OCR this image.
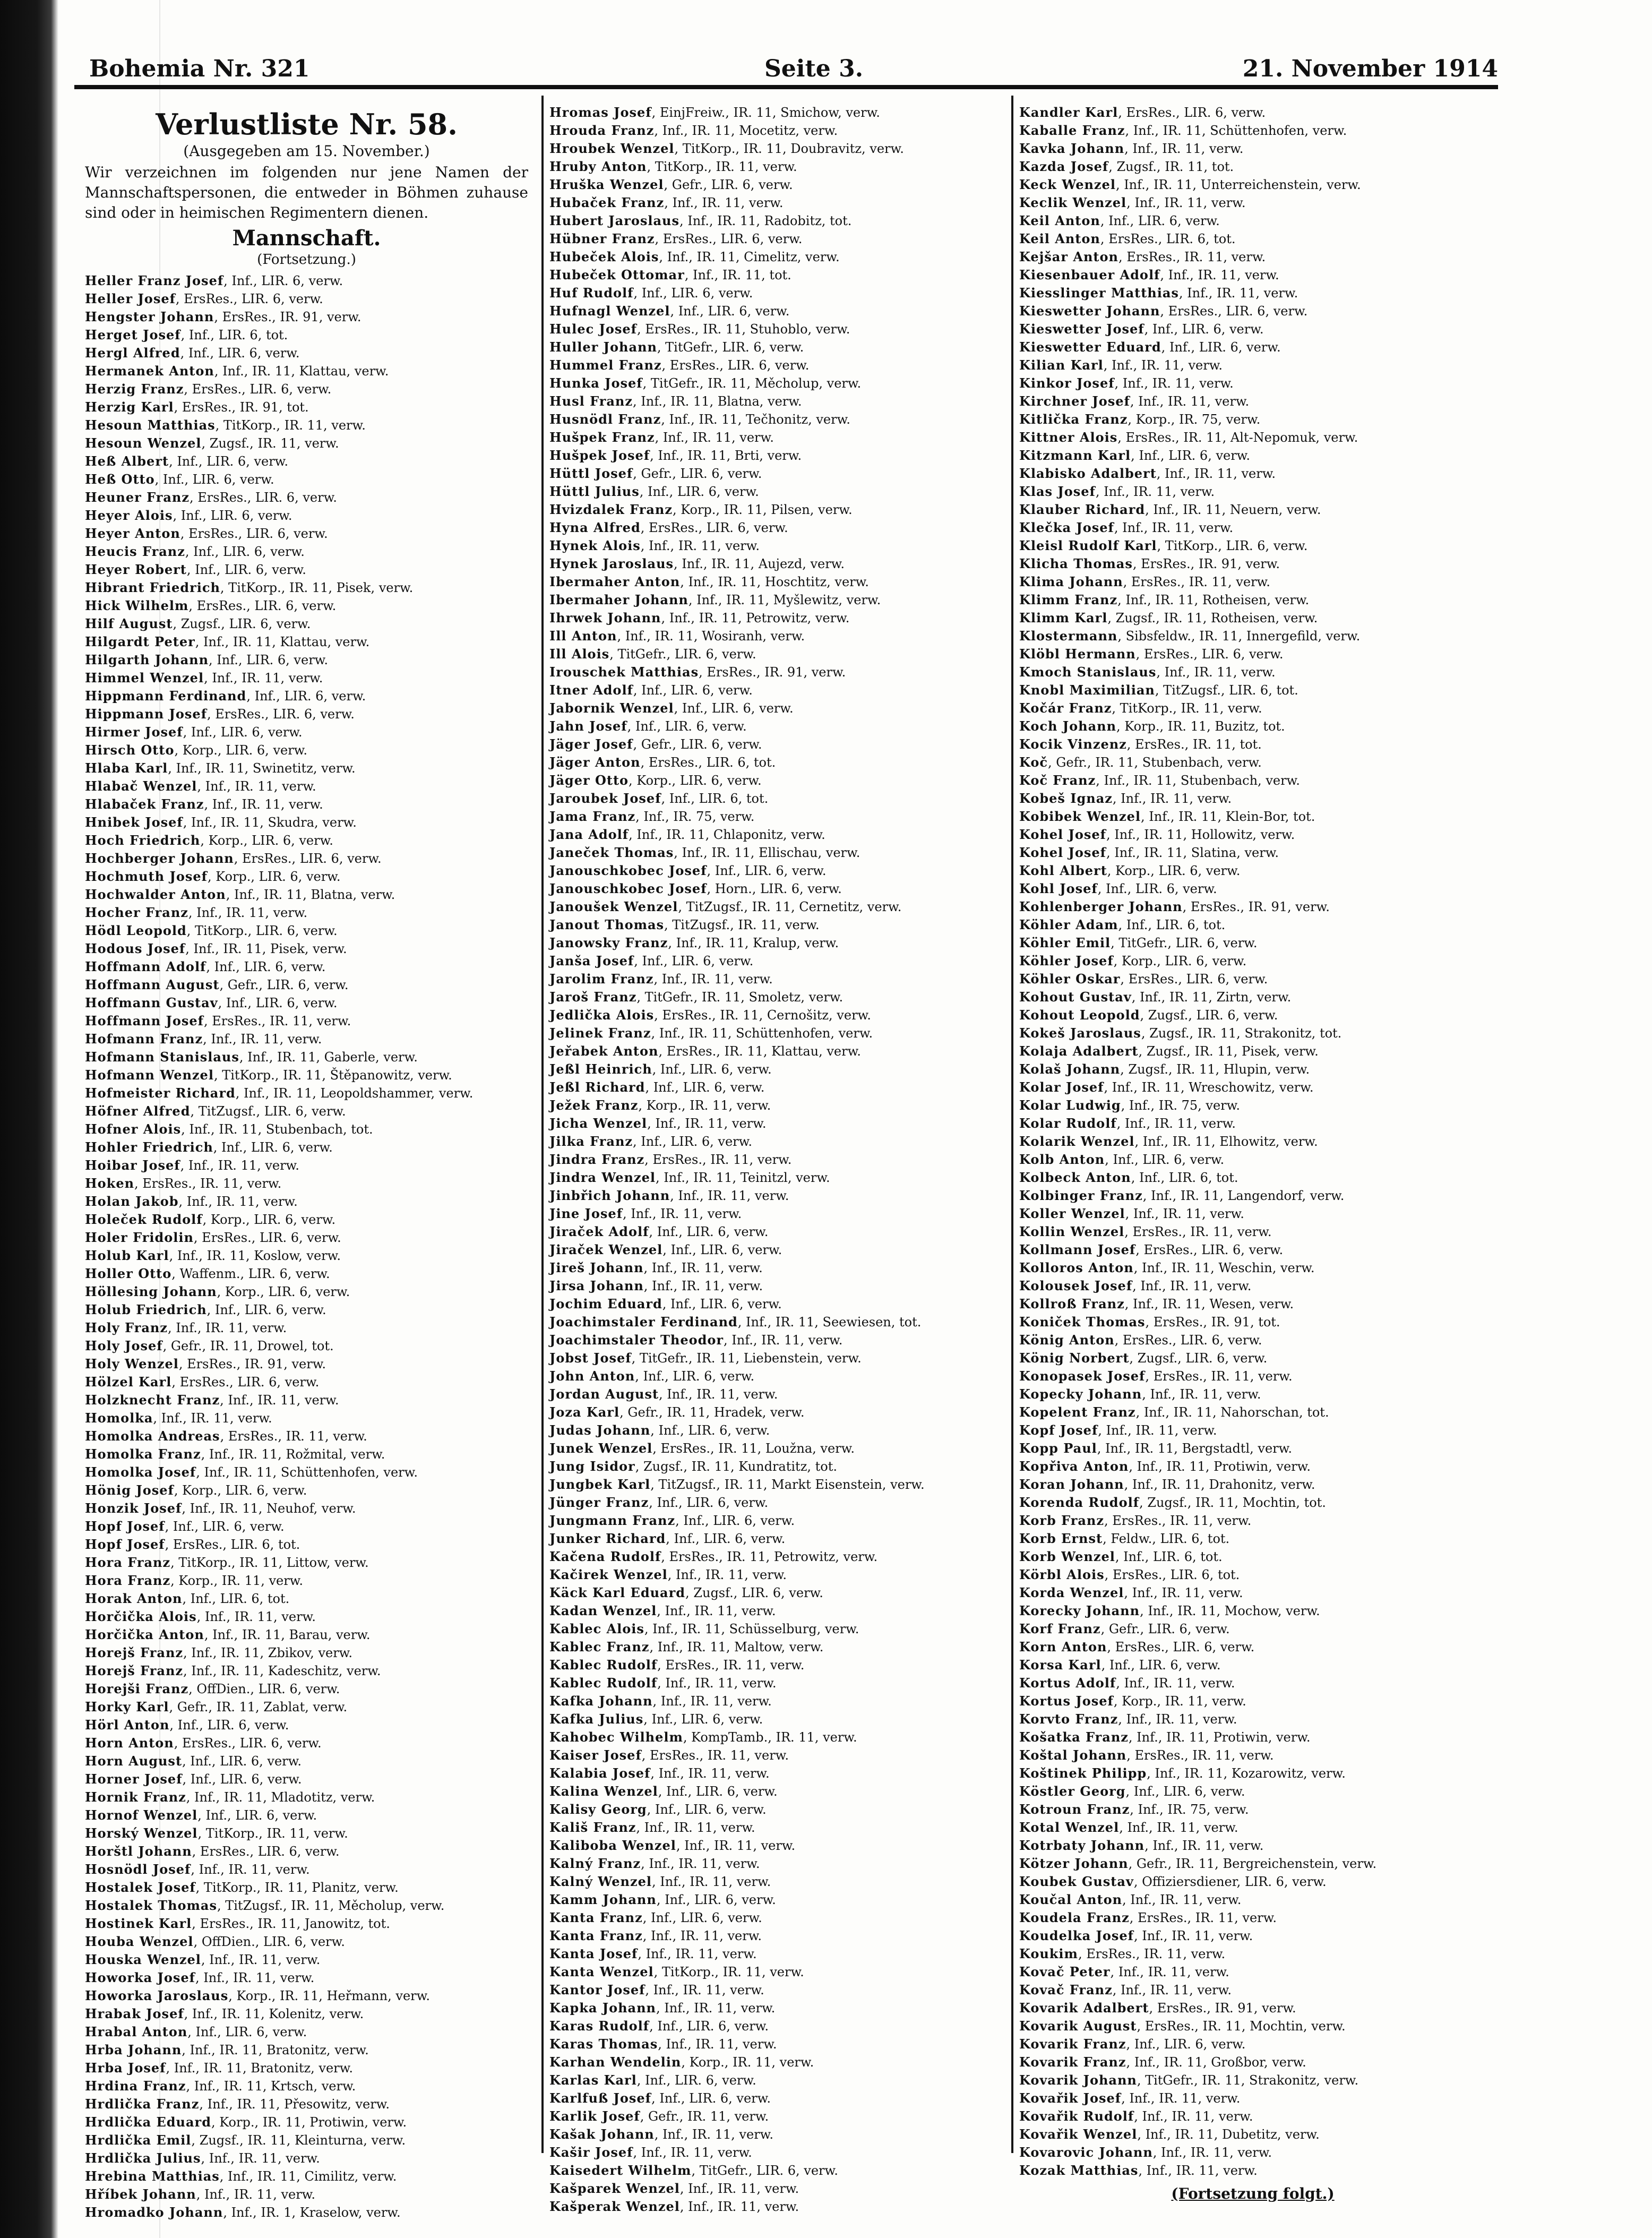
Bohemia Nr. 321	Seite 3.	21. November 1914
Verlustliste Nr. 58.
(Ausgegeben am 15. November.)
Wir verzeichnen im folgenden nur jene Namen der Mannschaftspersonen, die entweder in Böhmen zuhause sind oder in heimischen Regimentern dienen.
Mannschaft.
(Fortsetzung.)
Heller Franz Josef, Inf., LIR. 6, verw.
Heller Josef, ErsRes., LIR. 6, verw.
Hengster Johann, ErsRes., IR. 91, verw.
Herget Josef, Inf., LIR. 6, tot.
Hergl Alfred, Inf., LIR. 6, verw.
Hermanek Anton, Inf., IR. 11, Klattau, verw.
Herzig Franz, ErsRes., LIR. 6, verw.
Herzig Karl, ErsRes., IR. 91, tot.
Hesoun Matthias, TitKorp., IR. 11, verw.
Hesoun Wenzel, Zugsf., IR. 11, verw.
Heß Albert, Inf., LIR. 6, verw.
Heß Otto, Inf., LIR. 6, verw.
Heuner Franz, ErsRes., LIR. 6, verw.
Heyer Alois, Inf., LIR. 6, verw.
Heyer Anton, ErsRes., LIR. 6, verw.
Heucis Franz, Inf., LIR. 6, verw.
Heyer Robert, Inf., LIR. 6, verw.
Hibrant Friedrich, TitKorp., IR. 11, Pisek, verw.
Hick Wilhelm, ErsRes., LIR. 6, verw.
Hilf August, Zugsf., LIR. 6, verw.
Hilgardt Peter, Inf., IR. 11, Klattau, verw.
Hilgarth Johann, Inf., LIR. 6, verw.
Himmel Wenzel, Inf., IR. 11, verw.
Hippmann Ferdinand, Inf., LIR. 6, verw.
Hippmann Josef, ErsRes., LIR. 6, verw.
Hirmer Josef, Inf., LIR. 6, verw.
Hirsch Otto, Korp., LIR. 6, verw.
Hlaba Karl, Inf., IR. 11, Swinetitz, verw.
Hlabač Wenzel, Inf., IR. 11, verw.
Hlabaček Franz, Inf., IR. 11, verw.
Hnibek Josef, Inf., IR. 11, Skudra, verw.
Hoch Friedrich, Korp., LIR. 6, verw.
Hochberger Johann, ErsRes., LIR. 6, verw.
Hochmuth Josef, Korp., LIR. 6, verw.
Hochwalder Anton, Inf., IR. 11, Blatna, verw.
Hocher Franz, Inf., IR. 11, verw.
Hödl Leopold, TitKorp., LIR. 6, verw.
Hodous Josef, Inf., IR. 11, Pisek, verw.
Hoffmann Adolf, Inf., LIR. 6, verw.
Hoffmann August, Gefr., LIR. 6, verw.
Hoffmann Gustav, Inf., LIR. 6, verw.
Hoffmann Josef, ErsRes., IR. 11, verw.
Hofmann Franz, Inf., IR. 11, verw.
Hofmann Stanislaus, Inf., IR. 11, Gaberle, verw.
Hofmann Wenzel, TitKorp., IR. 11, Štěpanowitz, verw.
Hofmeister Richard, Inf., IR. 11, Leopoldshammer, verw.
Höfner Alfred, TitZugsf., LIR. 6, verw.
Hofner Alois, Inf., IR. 11, Stubenbach, tot.
Hohler Friedrich, Inf., LIR. 6, verw.
Hoibar Josef, Inf., IR. 11, verw.
Hoken, ErsRes., IR. 11, verw.
Holan Jakob, Inf., IR. 11, verw.
Holeček Rudolf, Korp., LIR. 6, verw.
Holer Fridolin, ErsRes., LIR. 6, verw.
Holub Karl, Inf., IR. 11, Koslow, verw.
Holler Otto, Waffenm., LIR. 6, verw.
Höllesing Johann, Korp., LIR. 6, verw.
Holub Friedrich, Inf., LIR. 6, verw.
Holy Franz, Inf., IR. 11, verw.
Holy Josef, Gefr., IR. 11, Drowel, tot.
Holy Wenzel, ErsRes., IR. 91, verw.
Hölzel Karl, ErsRes., LIR. 6, verw.
Holzknecht Franz, Inf., IR. 11, verw.
Homolka, Inf., IR. 11, verw.
Homolka Andreas, ErsRes., IR. 11, verw.
Homolka Franz, Inf., IR. 11, Rožmital, verw.
Homolka Josef, Inf., IR. 11, Schüttenhofen, verw.
Hönig Josef, Korp., LIR. 6, verw.
Honzik Josef, Inf., IR. 11, Neuhof, verw.
Hopf Josef, Inf., LIR. 6, verw.
Hopf Josef, ErsRes., LIR. 6, tot.
Hora Franz, TitKorp., IR. 11, Littow, verw.
Hora Franz, Korp., IR. 11, verw.
Horak Anton, Inf., LIR. 6, tot.
Horčička Alois, Inf., IR. 11, verw.
Horčička Anton, Inf., IR. 11, Barau, verw.
Horejš Franz, Inf., IR. 11, Zbikov, verw.
Horejš Franz, Inf., IR. 11, Kadeschitz, verw.
Horejši Franz, OffDien., LIR. 6, verw.
Horky Karl, Gefr., IR. 11, Zablat, verw.
Hörl Anton, Inf., LIR. 6, verw.
Horn Anton, ErsRes., LIR. 6, verw.
Horn August, Inf., LIR. 6, verw.
Horner Josef, Inf., LIR. 6, verw.
Hornik Franz, Inf., IR. 11, Mladotitz, verw.
Hornof Wenzel, Inf., LIR. 6, verw.
Horský Wenzel, TitKorp., IR. 11, verw.
Horštl Johann, ErsRes., LIR. 6, verw.
Hosnödl Josef, Inf., IR. 11, verw.
Hostalek Josef, TitKorp., IR. 11, Planitz, verw.
Hostalek Thomas, TitZugsf., IR. 11, Měcholup, verw.
Hostinek Karl, ErsRes., IR. 11, Janowitz, tot.
Houba Wenzel, OffDien., LIR. 6, verw.
Houska Wenzel, Inf., IR. 11, verw.
Howorka Josef, Inf., IR. 11, verw.
Howorka Jaroslaus, Korp., IR. 11, Heřmann, verw.
Hrabak Josef, Inf., IR. 11, Kolenitz, verw.
Hrabal Anton, Inf., LIR. 6, verw.
Hrba Johann, Inf., IR. 11, Bratonitz, verw.
Hrba Josef, Inf., IR. 11, Bratonitz, verw.
Hrdina Franz, Inf., IR. 11, Krtsch, verw.
Hrdlička Franz, Inf., IR. 11, Přesowitz, verw.
Hrdlička Eduard, Korp., IR. 11, Protiwin, verw.
Hrdlička Emil, Zugsf., IR. 11, Kleinturna, verw.
Hrdlička Julius, Inf., IR. 11, verw.
Hrebina Matthias, Inf., IR. 11, Cimilitz, verw.
Hříbek Johann, Inf., IR. 11, verw.
Hromadko Johann, Inf., IR. 1, Kraselow, verw.
Hromas Josef, EinjFreiw., IR. 11, Smichow, verw.
Hrouda Franz, Inf., IR. 11, Mocetitz, verw.
Hroubek Wenzel, TitKorp., IR. 11, Doubravitz, verw.
Hruby Anton, TitKorp., IR. 11, verw.
Hruška Wenzel, Gefr., LIR. 6, verw.
Hubaček Franz, Inf., IR. 11, verw.
Hubert Jaroslaus, Inf., IR. 11, Radobitz, tot.
Hübner Franz, ErsRes., LIR. 6, verw.
Hubeček Alois, Inf., IR. 11, Cimelitz, verw.
Hubeček Ottomar, Inf., IR. 11, tot.
Huf Rudolf, Inf., LIR. 6, verw.
Hufnagl Wenzel, Inf., LIR. 6, verw.
Hulec Josef, ErsRes., IR. 11, Stuhoblo, verw.
Huller Johann, TitGefr., LIR. 6, verw.
Hummel Franz, ErsRes., LIR. 6, verw.
Hunka Josef, TitGefr., IR. 11, Měcholup, verw.
Husl Franz, Inf., IR. 11, Blatna, verw.
Husnödl Franz, Inf., IR. 11, Tečhonitz, verw.
Hušpek Franz, Inf., IR. 11, verw.
Hušpek Josef, Inf., IR. 11, Brti, verw.
Hüttl Josef, Gefr., LIR. 6, verw.
Hüttl Julius, Inf., LIR. 6, verw.
Hvizdalek Franz, Korp., IR. 11, Pilsen, verw.
Hyna Alfred, ErsRes., LIR. 6, verw.
Hynek Alois, Inf., IR. 11, verw.
Hynek Jaroslaus, Inf., IR. 11, Aujezd, verw.
Ibermaher Anton, Inf., IR. 11, Hoschtitz, verw.
Ibermaher Johann, Inf., IR. 11, Myšlewitz, verw.
Ihrwek Johann, Inf., IR. 11, Petrowitz, verw.
Ill Anton, Inf., IR. 11, Wosiranh, verw.
Ill Alois, TitGefr., LIR. 6, verw.
Irouschek Matthias, ErsRes., IR. 91, verw.
Itner Adolf, Inf., LIR. 6, verw.
Jabornik Wenzel, Inf., LIR. 6, verw.
Jahn Josef, Inf., LIR. 6, verw.
Jäger Josef, Gefr., LIR. 6, verw.
Jäger Anton, ErsRes., LIR. 6, tot.
Jäger Otto, Korp., LIR. 6, verw.
Jaroubek Josef, Inf., LIR. 6, tot.
Jama Franz, Inf., IR. 75, verw.
Jana Adolf, Inf., IR. 11, Chlaponitz, verw.
Janeček Thomas, Inf., IR. 11, Ellischau, verw.
Janouschkobec Josef, Inf., LIR. 6, verw.
Janouschkobec Josef, Horn., LIR. 6, verw.
Janoušek Wenzel, TitZugsf., IR. 11, Cernetitz, verw.
Janout Thomas, TitZugsf., IR. 11, verw.
Janowsky Franz, Inf., IR. 11, Kralup, verw.
Janša Josef, Inf., LIR. 6, verw.
Jarolim Franz, Inf., IR. 11, verw.
Jaroš Franz, TitGefr., IR. 11, Smoletz, verw.
Jedlička Alois, ErsRes., IR. 11, Cernošitz, verw.
Jelinek Franz, Inf., IR. 11, Schüttenhofen, verw.
Jeřabek Anton, ErsRes., IR. 11, Klattau, verw.
Jeßl Heinrich, Inf., LIR. 6, verw.
Jeßl Richard, Inf., LIR. 6, verw.
Ježek Franz, Korp., IR. 11, verw.
Jicha Wenzel, Inf., IR. 11, verw.
Jilka Franz, Inf., LIR. 6, verw.
Jindra Franz, ErsRes., IR. 11, verw.
Jindra Wenzel, Inf., IR. 11, Teinitzl, verw.
Jinbřich Johann, Inf., IR. 11, verw.
Jine Josef, Inf., IR. 11, verw.
Jiraček Adolf, Inf., LIR. 6, verw.
Jiraček Wenzel, Inf., LIR. 6, verw.
Jireš Johann, Inf., IR. 11, verw.
Jirsa Johann, Inf., IR. 11, verw.
Jochim Eduard, Inf., LIR. 6, verw.
Joachimstaler Ferdinand, Inf., IR. 11, Seewiesen, tot.
Joachimstaler Theodor, Inf., IR. 11, verw.
Jobst Josef, TitGefr., IR. 11, Liebenstein, verw.
John Anton, Inf., LIR. 6, verw.
Jordan August, Inf., IR. 11, verw.
Joza Karl, Gefr., IR. 11, Hradek, verw.
Judas Johann, Inf., LIR. 6, verw.
Junek Wenzel, ErsRes., IR. 11, Loužna, verw.
Jung Isidor, Zugsf., IR. 11, Kundratitz, tot.
Jungbek Karl, TitZugsf., IR. 11, Markt Eisenstein, verw.
Jünger Franz, Inf., LIR. 6, verw.
Jungmann Franz, Inf., LIR. 6, verw.
Junker Richard, Inf., LIR. 6, verw.
Kačena Rudolf, ErsRes., IR. 11, Petrowitz, verw.
Kačirek Wenzel, Inf., IR. 11, verw.
Käck Karl Eduard, Zugsf., LIR. 6, verw.
Kadan Wenzel, Inf., IR. 11, verw.
Kablec Alois, Inf., IR. 11, Schüsselburg, verw.
Kablec Franz, Inf., IR. 11, Maltow, verw.
Kablec Rudolf, ErsRes., IR. 11, verw.
Kablec Rudolf, Inf., IR. 11, verw.
Kafka Johann, Inf., IR. 11, verw.
Kafka Julius, Inf., LIR. 6, verw.
Kahobec Wilhelm, KompTamb., IR. 11, verw.
Kaiser Josef, ErsRes., IR. 11, verw.
Kalabia Josef, Inf., IR. 11, verw.
Kalina Wenzel, Inf., LIR. 6, verw.
Kalisy Georg, Inf., LIR. 6, verw.
Kališ Franz, Inf., IR. 11, verw.
Kaliboba Wenzel, Inf., IR. 11, verw.
Kalný Franz, Inf., IR. 11, verw.
Kalný Wenzel, Inf., IR. 11, verw.
Kamm Johann, Inf., LIR. 6, verw.
Kanta Franz, Inf., LIR. 6, verw.
Kanta Franz, Inf., IR. 11, verw.
Kanta Josef, Inf., IR. 11, verw.
Kanta Wenzel, TitKorp., IR. 11, verw.
Kantor Josef, Inf., IR. 11, verw.
Kapka Johann, Inf., IR. 11, verw.
Karas Rudolf, Inf., LIR. 6, verw.
Karas Thomas, Inf., IR. 11, verw.
Karhan Wendelin, Korp., IR. 11, verw.
Karlas Karl, Inf., LIR. 6, verw.
Karlfuß Josef, Inf., LIR. 6, verw.
Karlik Josef, Gefr., IR. 11, verw.
Kašak Johann, Inf., IR. 11, verw.
Kašir Josef, Inf., IR. 11, verw.
Kaisedert Wilhelm, TitGefr., LIR. 6, verw.
Kašparek Wenzel, Inf., IR. 11, verw.
Kašperak Wenzel, Inf., IR. 11, verw.
Kandler Karl, ErsRes., LIR. 6, verw.
Kaballe Franz, Inf., IR. 11, Schüttenhofen, verw.
Kavka Johann, Inf., IR. 11, verw.
Kazda Josef, Zugsf., IR. 11, tot.
Keck Wenzel, Inf., IR. 11, Unterreichenstein, verw.
Keclik Wenzel, Inf., IR. 11, verw.
Keil Anton, Inf., LIR. 6, verw.
Keil Anton, ErsRes., LIR. 6, tot.
Kejšar Anton, ErsRes., IR. 11, verw.
Kiesenbauer Adolf, Inf., IR. 11, verw.
Kiesslinger Matthias, Inf., IR. 11, verw.
Kieswetter Johann, ErsRes., LIR. 6, verw.
Kieswetter Josef, Inf., LIR. 6, verw.
Kieswetter Eduard, Inf., LIR. 6, verw.
Kilian Karl, Inf., IR. 11, verw.
Kinkor Josef, Inf., IR. 11, verw.
Kirchner Josef, Inf., IR. 11, verw.
Kitlička Franz, Korp., IR. 75, verw.
Kittner Alois, ErsRes., IR. 11, Alt-Nepomuk, verw.
Kitzmann Karl, Inf., LIR. 6, verw.
Klabisko Adalbert, Inf., IR. 11, verw.
Klas Josef, Inf., IR. 11, verw.
Klauber Richard, Inf., IR. 11, Neuern, verw.
Klečka Josef, Inf., IR. 11, verw.
Kleisl Rudolf Karl, TitKorp., LIR. 6, verw.
Klicha Thomas, ErsRes., IR. 91, verw.
Klima Johann, ErsRes., IR. 11, verw.
Klimm Franz, Inf., IR. 11, Rotheisen, verw.
Klimm Karl, Zugsf., IR. 11, Rotheisen, verw.
Klostermann, Sibsfeldw., IR. 11, Innergefild, verw.
Klöbl Hermann, ErsRes., LIR. 6, verw.
Kmoch Stanislaus, Inf., IR. 11, verw.
Knobl Maximilian, TitZugsf., LIR. 6, tot.
Kočár Franz, TitKorp., IR. 11, verw.
Koch Johann, Korp., IR. 11, Buzitz, tot.
Kocik Vinzenz, ErsRes., IR. 11, tot.
Koč, Gefr., IR. 11, Stubenbach, verw.
Koč Franz, Inf., IR. 11, Stubenbach, verw.
Kobeš Ignaz, Inf., IR. 11, verw.
Kobibek Wenzel, Inf., IR. 11, Klein-Bor, tot.
Kohel Josef, Inf., IR. 11, Hollowitz, verw.
Kohel Josef, Inf., IR. 11, Slatina, verw.
Kohl Albert, Korp., LIR. 6, verw.
Kohl Josef, Inf., LIR. 6, verw.
Kohlenberger Johann, ErsRes., IR. 91, verw.
Köhler Adam, Inf., LIR. 6, tot.
Köhler Emil, TitGefr., LIR. 6, verw.
Köhler Josef, Korp., LIR. 6, verw.
Köhler Oskar, ErsRes., LIR. 6, verw.
Kohout Gustav, Inf., IR. 11, Zirtn, verw.
Kohout Leopold, Zugsf., LIR. 6, verw.
Kokeš Jaroslaus, Zugsf., IR. 11, Strakonitz, tot.
Kolaja Adalbert, Zugsf., IR. 11, Pisek, verw.
Kolaš Johann, Zugsf., IR. 11, Hlupin, verw.
Kolar Josef, Inf., IR. 11, Wreschowitz, verw.
Kolar Ludwig, Inf., IR. 75, verw.
Kolar Rudolf, Inf., IR. 11, verw.
Kolarik Wenzel, Inf., IR. 11, Elhowitz, verw.
Kolb Anton, Inf., LIR. 6, verw.
Kolbeck Anton, Inf., LIR. 6, tot.
Kolbinger Franz, Inf., IR. 11, Langendorf, verw.
Koller Wenzel, Inf., IR. 11, verw.
Kollin Wenzel, ErsRes., IR. 11, verw.
Kollmann Josef, ErsRes., LIR. 6, verw.
Kolloros Anton, Inf., IR. 11, Weschin, verw.
Kolousek Josef, Inf., IR. 11, verw.
Kollroß Franz, Inf., IR. 11, Wesen, verw.
Koniček Thomas, ErsRes., IR. 91, tot.
König Anton, ErsRes., LIR. 6, verw.
König Norbert, Zugsf., LIR. 6, verw.
Konopasek Josef, ErsRes., IR. 11, verw.
Kopecky Johann, Inf., IR. 11, verw.
Kopelent Franz, Inf., IR. 11, Nahorschan, tot.
Kopf Josef, Inf., IR. 11, verw.
Kopp Paul, Inf., IR. 11, Bergstadtl, verw.
Kopřiva Anton, Inf., IR. 11, Protiwin, verw.
Koran Johann, Inf., IR. 11, Drahonitz, verw.
Korenda Rudolf, Zugsf., IR. 11, Mochtin, tot.
Korb Franz, ErsRes., IR. 11, verw.
Korb Ernst, Feldw., LIR. 6, tot.
Korb Wenzel, Inf., LIR. 6, tot.
Körbl Alois, ErsRes., LIR. 6, tot.
Korda Wenzel, Inf., IR. 11, verw.
Korecky Johann, Inf., IR. 11, Mochow, verw.
Korf Franz, Gefr., LIR. 6, verw.
Korn Anton, ErsRes., LIR. 6, verw.
Korsa Karl, Inf., LIR. 6, verw.
Kortus Adolf, Inf., IR. 11, verw.
Kortus Josef, Korp., IR. 11, verw.
Korvto Franz, Inf., IR. 11, verw.
Košatka Franz, Inf., IR. 11, Protiwin, verw.
Koštal Johann, ErsRes., IR. 11, verw.
Koštinek Philipp, Inf., IR. 11, Kozarowitz, verw.
Köstler Georg, Inf., LIR. 6, verw.
Kotroun Franz, Inf., IR. 75, verw.
Kotal Wenzel, Inf., IR. 11, verw.
Kotrbaty Johann, Inf., IR. 11, verw.
Kötzer Johann, Gefr., IR. 11, Bergreichenstein, verw.
Koubek Gustav, Offiziersdiener, LIR. 6, verw.
Koučal Anton, Inf., IR. 11, verw.
Koudela Franz, ErsRes., IR. 11, verw.
Koudelka Josef, Inf., IR. 11, verw.
Koukim, ErsRes., IR. 11, verw.
Kovač Peter, Inf., IR. 11, verw.
Kovač Franz, Inf., IR. 11, verw.
Kovarik Adalbert, ErsRes., IR. 91, verw.
Kovarik August, ErsRes., IR. 11, Mochtin, verw.
Kovarik Franz, Inf., LIR. 6, verw.
Kovarik Franz, Inf., IR. 11, Großbor, verw.
Kovarik Johann, TitGefr., IR. 11, Strakonitz, verw.
Kovařik Josef, Inf., IR. 11, verw.
Kovařik Rudolf, Inf., IR. 11, verw.
Kovařik Wenzel, Inf., IR. 11, Dubetitz, verw.
Kovarovic Johann, Inf., IR. 11, verw.
Kozak Matthias, Inf., IR. 11, verw.
(Fortsetzung folgt.)
